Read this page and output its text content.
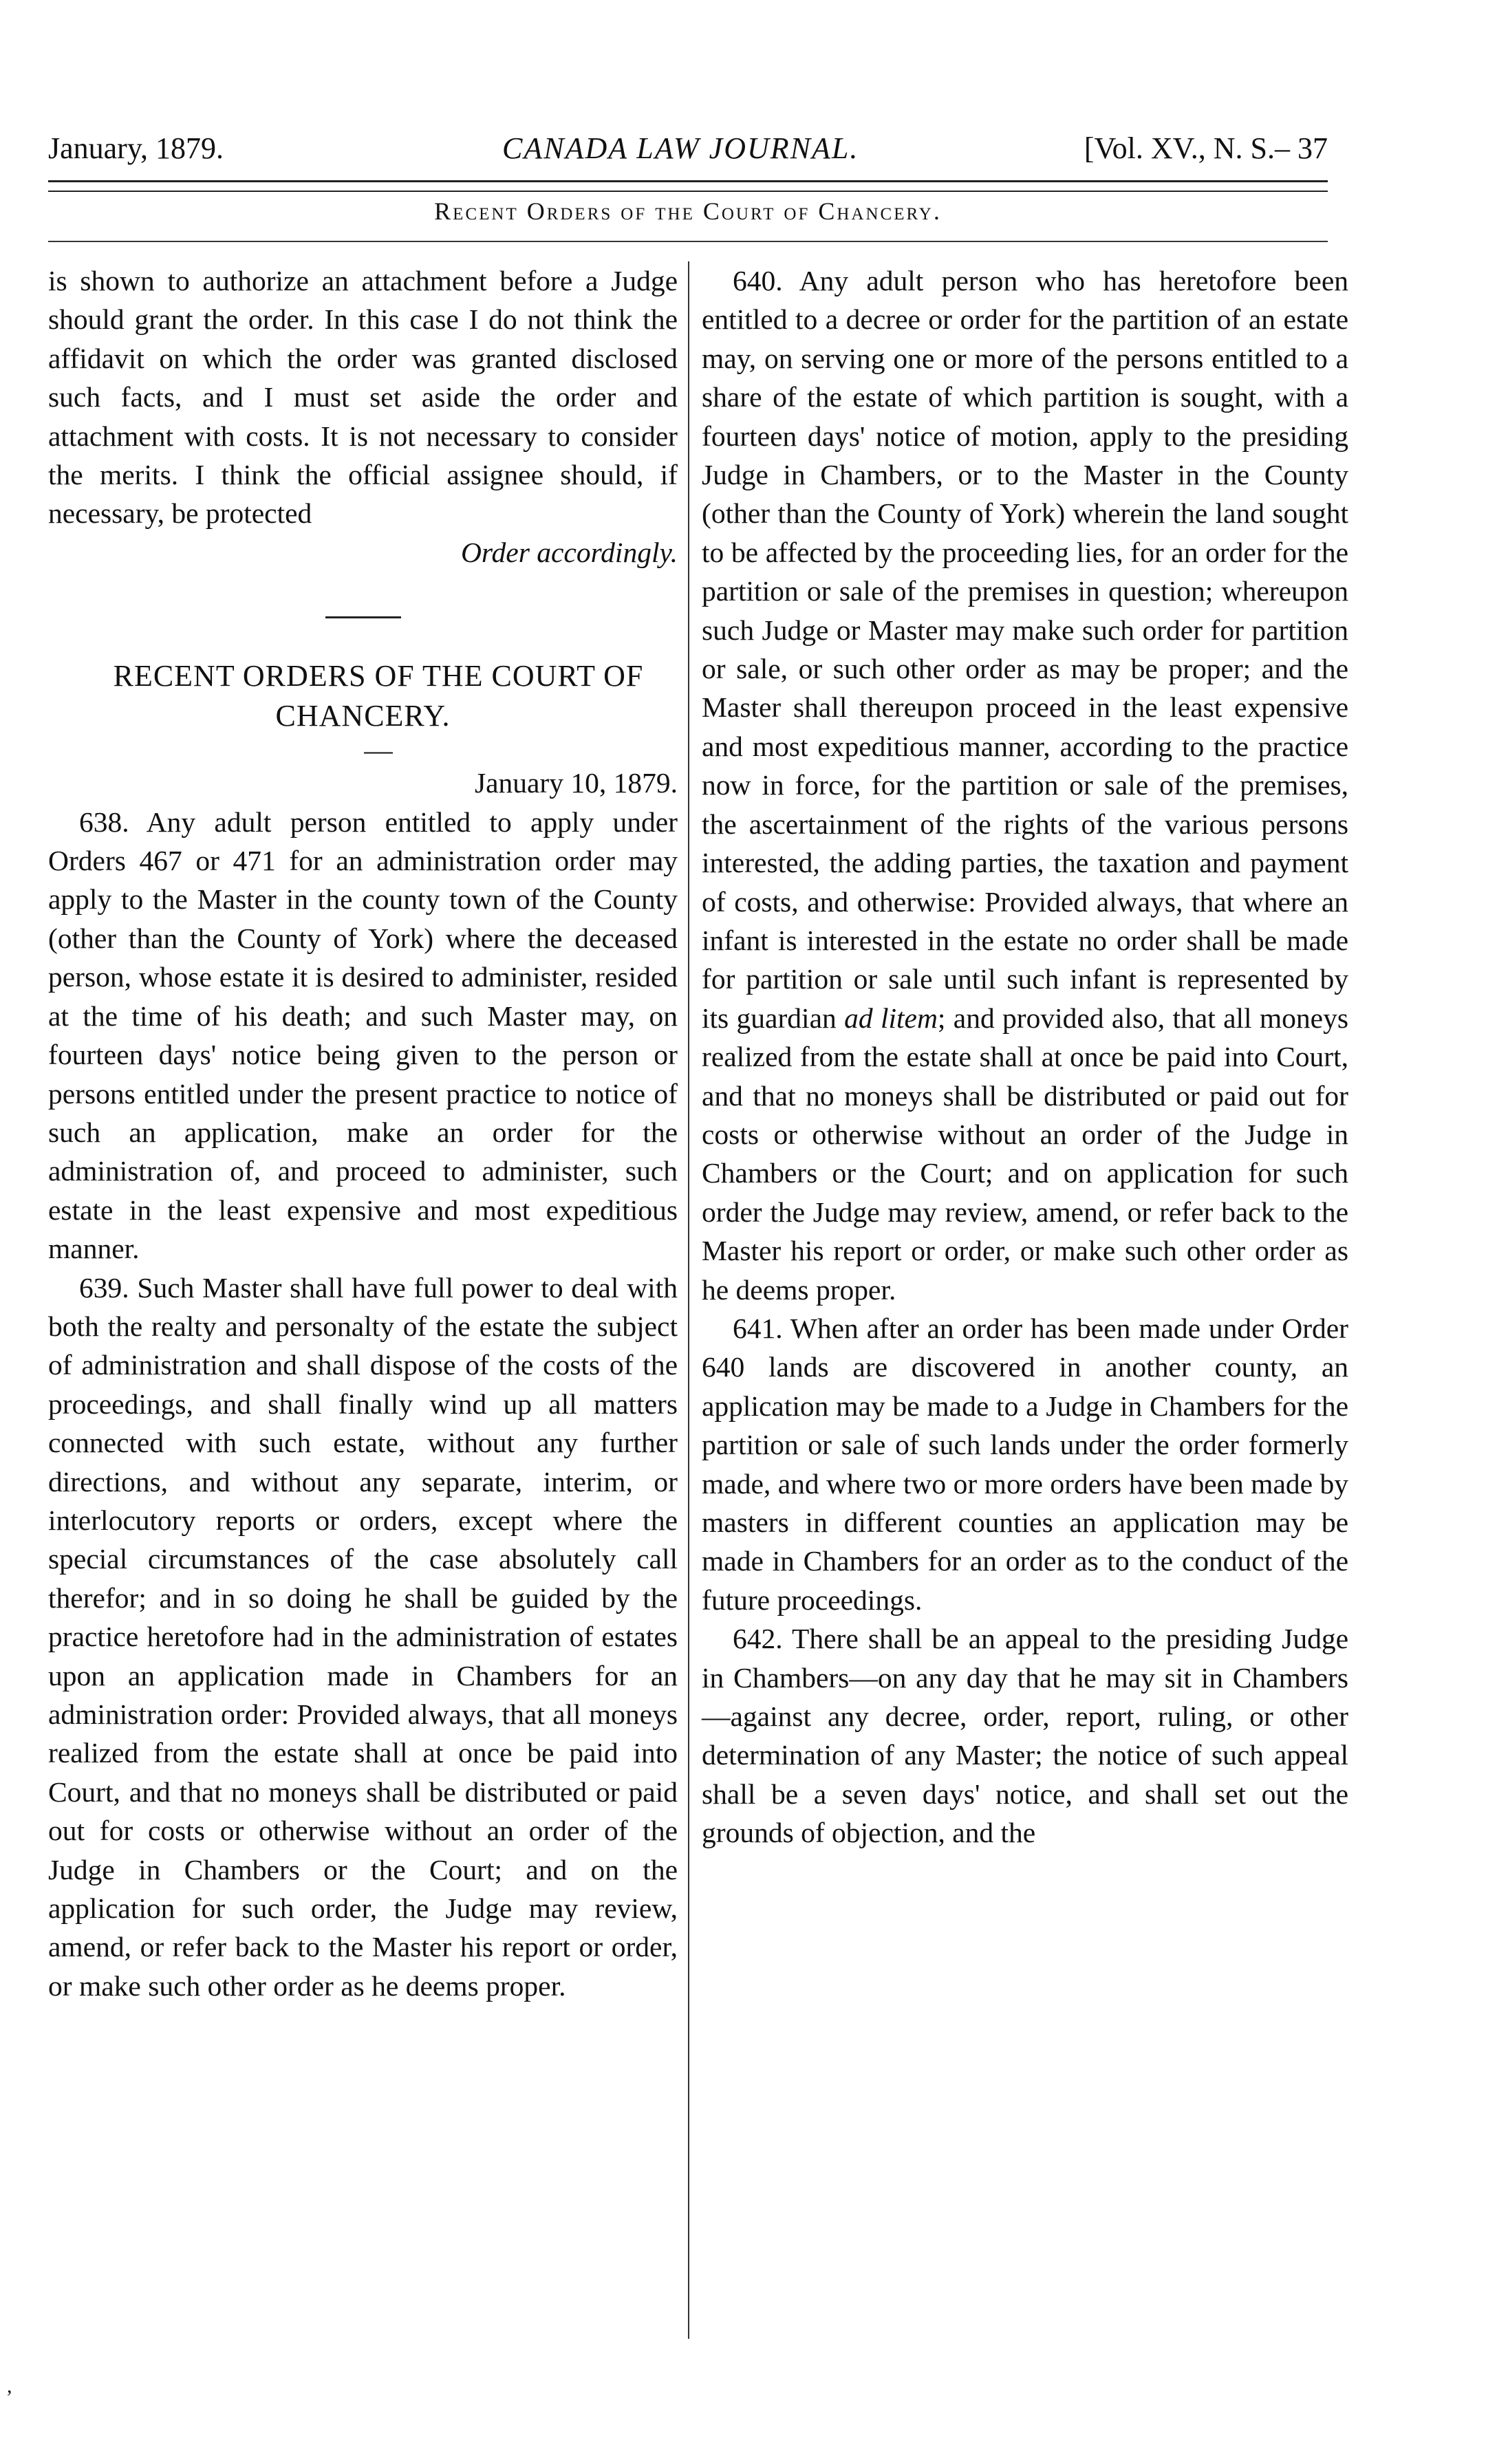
January, 1879.	CANADA LAW JOURNAL.	[Vol. XV., N. S.– 37
Recent Orders of the Court of Chancery.

is shown to authorize an attachment before a Judge should grant the order. In this case I do not think the affidavit on which the order was granted disclosed such facts, and I must set aside the order and attachment with costs. It is not necessary to consider the merits. I think the official assignee should, if necessary, be protected

Order accordingly.

RECENT ORDERS OF THE COURT OF CHANCERY.

—

January 10, 1879.

638. Any adult person entitled to apply under Orders 467 or 471 for an administration order may apply to the Master in the county town of the County (other than the County of York) where the deceased person, whose estate it is desired to administer, resided at the time of his death; and such Master may, on fourteen days' notice being given to the person or persons entitled under the present practice to notice of such an application, make an order for the administration of, and proceed to administer, such estate in the least expensive and most expeditious manner.

639. Such Master shall have full power to deal with both the realty and personalty of the estate the subject of administration and shall dispose of the costs of the proceedings, and shall finally wind up all matters connected with such estate, without any further directions, and without any separate, interim, or interlocutory reports or orders, except where the special circumstances of the case absolutely call therefor; and in so doing he shall be guided by the practice heretofore had in the administration of estates upon an application made in Chambers for an administration order: Provided always, that all moneys realized from the estate shall at once be paid into Court, and that no moneys shall be distributed or paid out for costs or otherwise without an order of the Judge in Chambers or the Court; and on the application for such order, the Judge may review, amend, or refer back to the Master his report or order, or make such other order as he deems proper.

640. Any adult person who has heretofore been entitled to a decree or order for the partition of an estate may, on serving one or more of the persons entitled to a share of the estate of which partition is sought, with a fourteen days' notice of motion, apply to the presiding Judge in Chambers, or to the Master in the County (other than the County of York) wherein the land sought to be affected by the proceeding lies, for an order for the partition or sale of the premises in question; whereupon such Judge or Master may make such order for partition or sale, or such other order as may be proper; and the Master shall thereupon proceed in the least expensive and most expeditious manner, according to the practice now in force, for the partition or sale of the premises, the ascertainment of the rights of the various persons interested, the adding parties, the taxation and payment of costs, and otherwise: Provided always, that where an infant is interested in the estate no order shall be made for partition or sale until such infant is represented by its guardian ad litem; and provided also, that all moneys realized from the estate shall at once be paid into Court, and that no moneys shall be distributed or paid out for costs or otherwise without an order of the Judge in Chambers or the Court; and on application for such order the Judge may review, amend, or refer back to the Master his report or order, or make such other order as he deems proper.

641. When after an order has been made under Order 640 lands are discovered in another county, an application may be made to a Judge in Chambers for the partition or sale of such lands under the order formerly made, and where two or more orders have been made by masters in different counties an application may be made in Chambers for an order as to the conduct of the future proceedings.

642. There shall be an appeal to the presiding Judge in Chambers—on any day that he may sit in Chambers—against any decree, order, report, ruling, or other determination of any Master; the notice of such appeal shall be a seven days' notice, and shall set out the grounds of objection, and the

,
